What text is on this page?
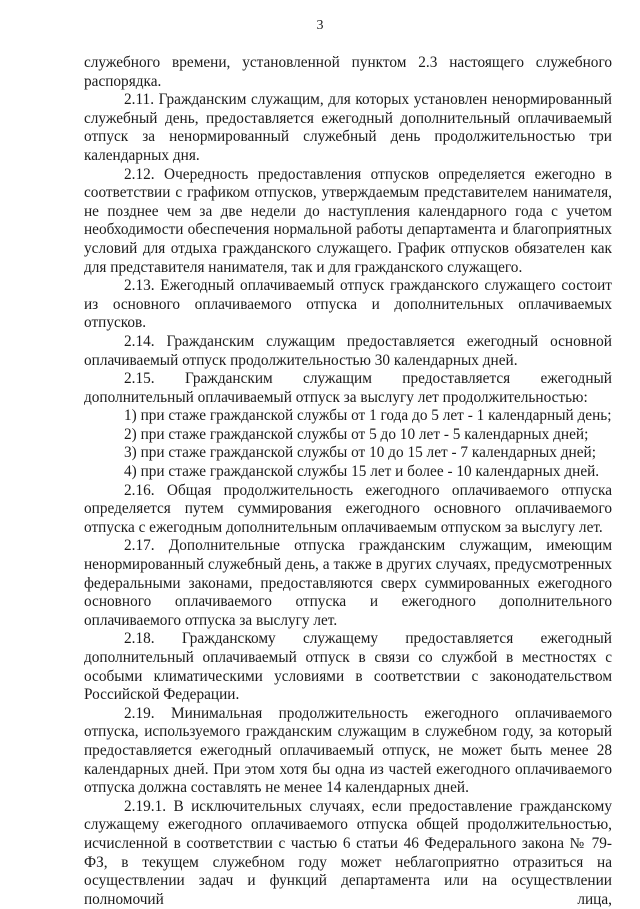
3

служебного времени, установленной пунктом 2.3 настоящего служебного распорядка.

2.11. Гражданским служащим, для которых установлен ненормированный служебный день, предоставляется ежегодный дополнительный оплачиваемый отпуск за ненормированный служебный день продолжительностью три календарных дня.

2.12. Очередность предоставления отпусков определяется ежегодно в соответствии с графиком отпусков, утверждаемым представителем нанимателя, не позднее чем за две недели до наступления календарного года с учетом необходимости обеспечения нормальной работы департамента и благоприятных условий для отдыха гражданского служащего. График отпусков обязателен как для представителя нанимателя, так и для гражданского служащего.

2.13. Ежегодный оплачиваемый отпуск гражданского служащего состоит из основного оплачиваемого отпуска и дополнительных оплачиваемых отпусков.

2.14. Гражданским служащим предоставляется ежегодный основной оплачиваемый отпуск продолжительностью 30 календарных дней.

2.15. Гражданским служащим предоставляется ежегодный дополнительный оплачиваемый отпуск за выслугу лет продолжительностью:

1) при стаже гражданской службы от 1 года до 5 лет - 1 календарный день;

2) при стаже гражданской службы от 5 до 10 лет - 5 календарных дней;

3) при стаже гражданской службы от 10 до 15 лет - 7 календарных дней;

4) при стаже гражданской службы 15 лет и более - 10 календарных дней.

2.16. Общая продолжительность ежегодного оплачиваемого отпуска определяется путем суммирования ежегодного основного оплачиваемого отпуска с ежегодным дополнительным оплачиваемым отпуском за выслугу лет.

2.17. Дополнительные отпуска гражданским служащим, имеющим ненормированный служебный день, а также в других случаях, предусмотренных федеральными законами, предоставляются сверх суммированных ежегодного основного оплачиваемого отпуска и ежегодного дополнительного оплачиваемого отпуска за выслугу лет.

2.18. Гражданскому служащему предоставляется ежегодный дополнительный оплачиваемый отпуск в связи со службой в местностях с особыми климатическими условиями в соответствии с законодательством Российской Федерации.

2.19. Минимальная продолжительность ежегодного оплачиваемого отпуска, используемого гражданским служащим в служебном году, за который предоставляется ежегодный оплачиваемый отпуск, не может быть менее 28 календарных дней. При этом хотя бы одна из частей ежегодного оплачиваемого отпуска должна составлять не менее 14 календарных дней.

2.19.1. В исключительных случаях, если предоставление гражданскому служащему ежегодного оплачиваемого отпуска общей продолжительностью, исчисленной в соответствии с частью 6 статьи 46 Федерального закона № 79-ФЗ, в текущем служебном году может неблагоприятно отразиться на осуществлении задач и функций департамента или на осуществлении полномочий лица,
